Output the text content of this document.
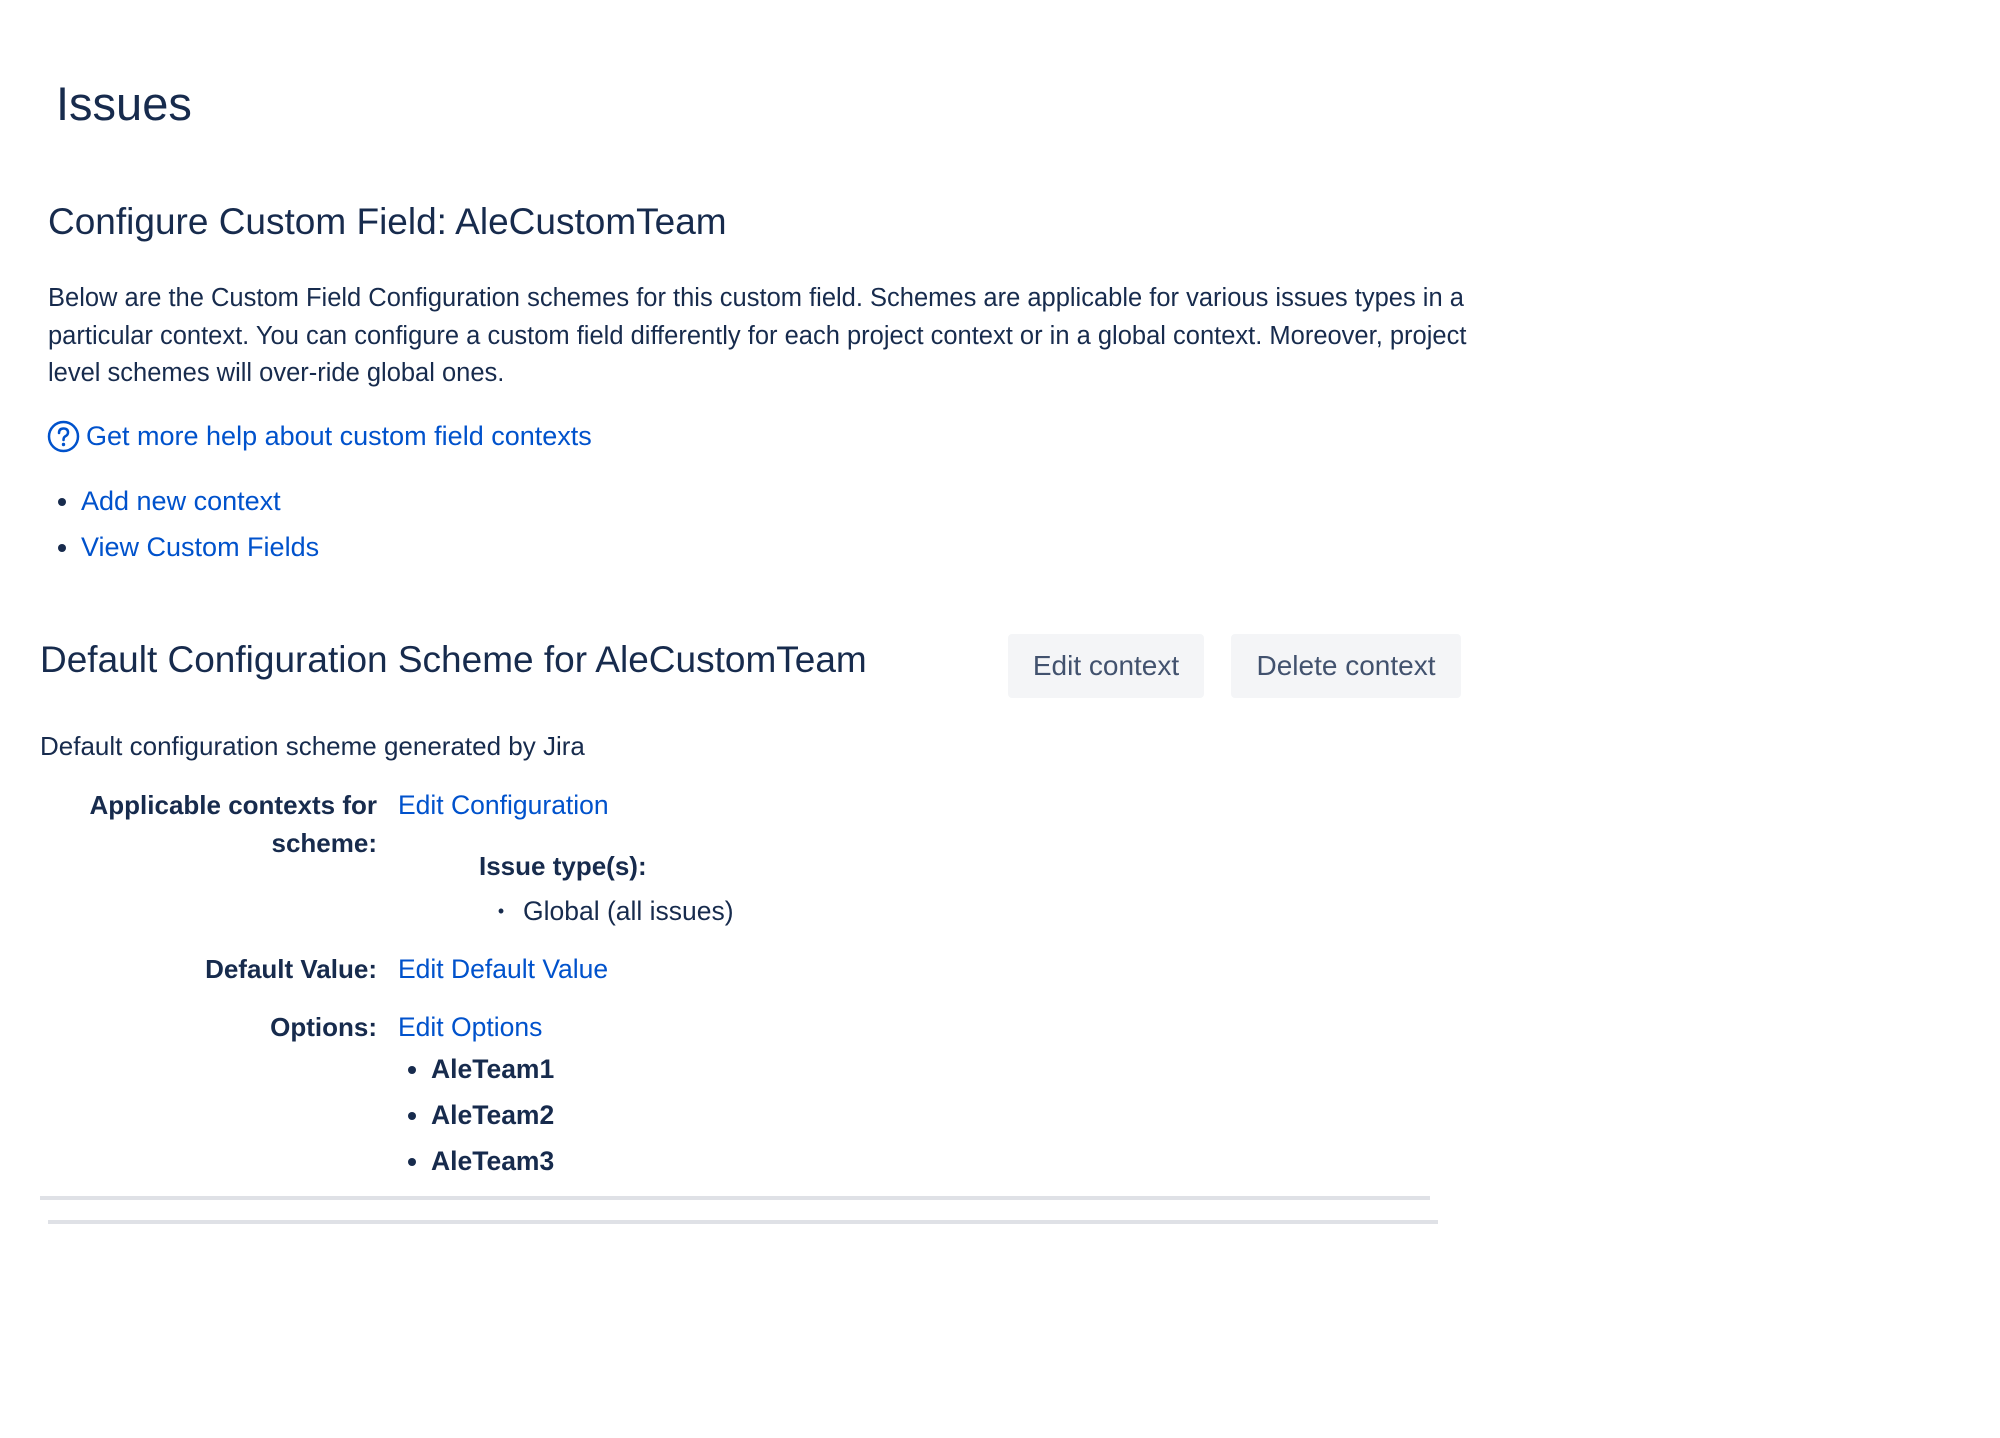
Issues
Configure Custom Field: AleCustomTeam

Below are the Custom Field Configuration schemes for this custom field. Schemes are applicable for various issues types in a particular context. You can configure a custom field differently for each project context or in a global context. Moreover, project level schemes will over-ride global ones.

Get more help about custom field contexts
• Add new context
• View Custom Fields
Default Configuration Scheme for AleCustomTeam	Edit context	Delete context

Default configuration scheme generated by Jira

Applicable contexts for scheme:
Edit Configuration
Issue type(s):
• Global (all issues)
Default Value: Edit Default Value
Options: Edit Options
• AleTeam1
• AleTeam2
• AleTeam3
